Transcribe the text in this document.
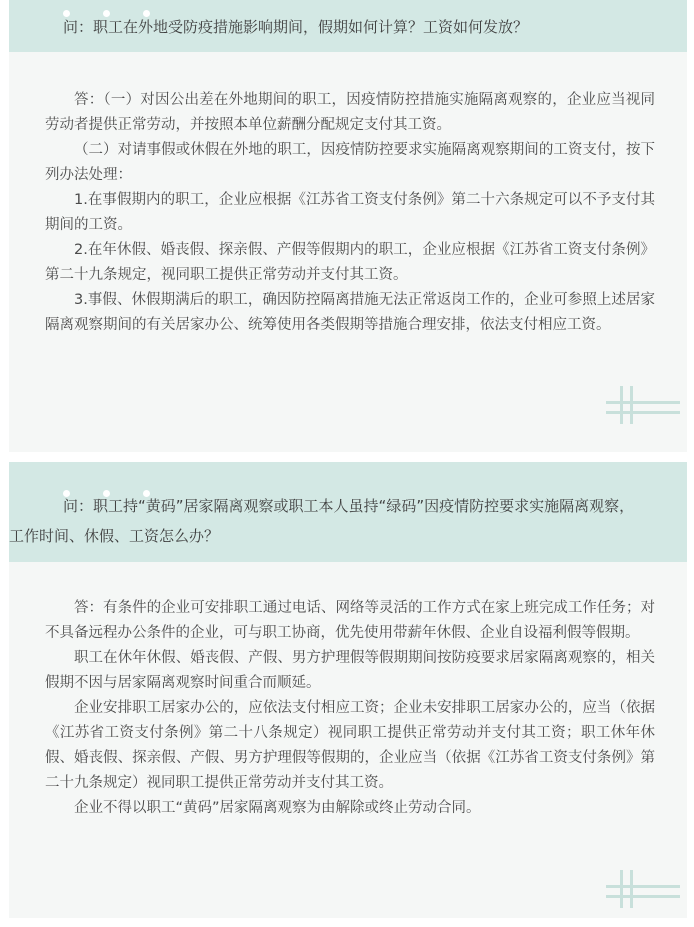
问：职工在外地受防疫措施影响期间，假期如何计算？工资如何发放？

答：（一）对因公出差在外地期间的职工，因疫情防控措施实施隔离观察的，企业应当视同劳动者提供正常劳动，并按照本单位薪酬分配规定支付其工资。

（二）对请事假或休假在外地的职工，因疫情防控要求实施隔离观察期间的工资支付，按下列办法处理：

1.在事假期内的职工，企业应根据《江苏省工资支付条例》第二十六条规定可以不予支付其期间的工资。

2.在年休假、婚丧假、探亲假、产假等假期内的职工，企业应根据《江苏省工资支付条例》第二十九条规定，视同职工提供正常劳动并支付其工资。

3.事假、休假期满后的职工，确因防控隔离措施无法正常返岗工作的，企业可参照上述居家隔离观察期间的有关居家办公、统筹使用各类假期等措施合理安排，依法支付相应工资。

问：职工持“黄码”居家隔离观察或职工本人虽持“绿码”因疫情防控要求实施隔离观察，工作时间、休假、工资怎么办？

答：有条件的企业可安排职工通过电话、网络等灵活的工作方式在家上班完成工作任务；对不具备远程办公条件的企业，可与职工协商，优先使用带薪年休假、企业自设福利假等假期。

职工在休年休假、婚丧假、产假、男方护理假等假期期间按防疫要求居家隔离观察的，相关假期不因与居家隔离观察时间重合而顺延。

企业安排职工居家办公的，应依法支付相应工资；企业未安排职工居家办公的，应当（依据《江苏省工资支付条例》第二十八条规定）视同职工提供正常劳动并支付其工资；职工休年休假、婚丧假、探亲假、产假、男方护理假等假期的，企业应当（依据《江苏省工资支付条例》第二十九条规定）视同职工提供正常劳动并支付其工资。

企业不得以职工“黄码”居家隔离观察为由解除或终止劳动合同。
